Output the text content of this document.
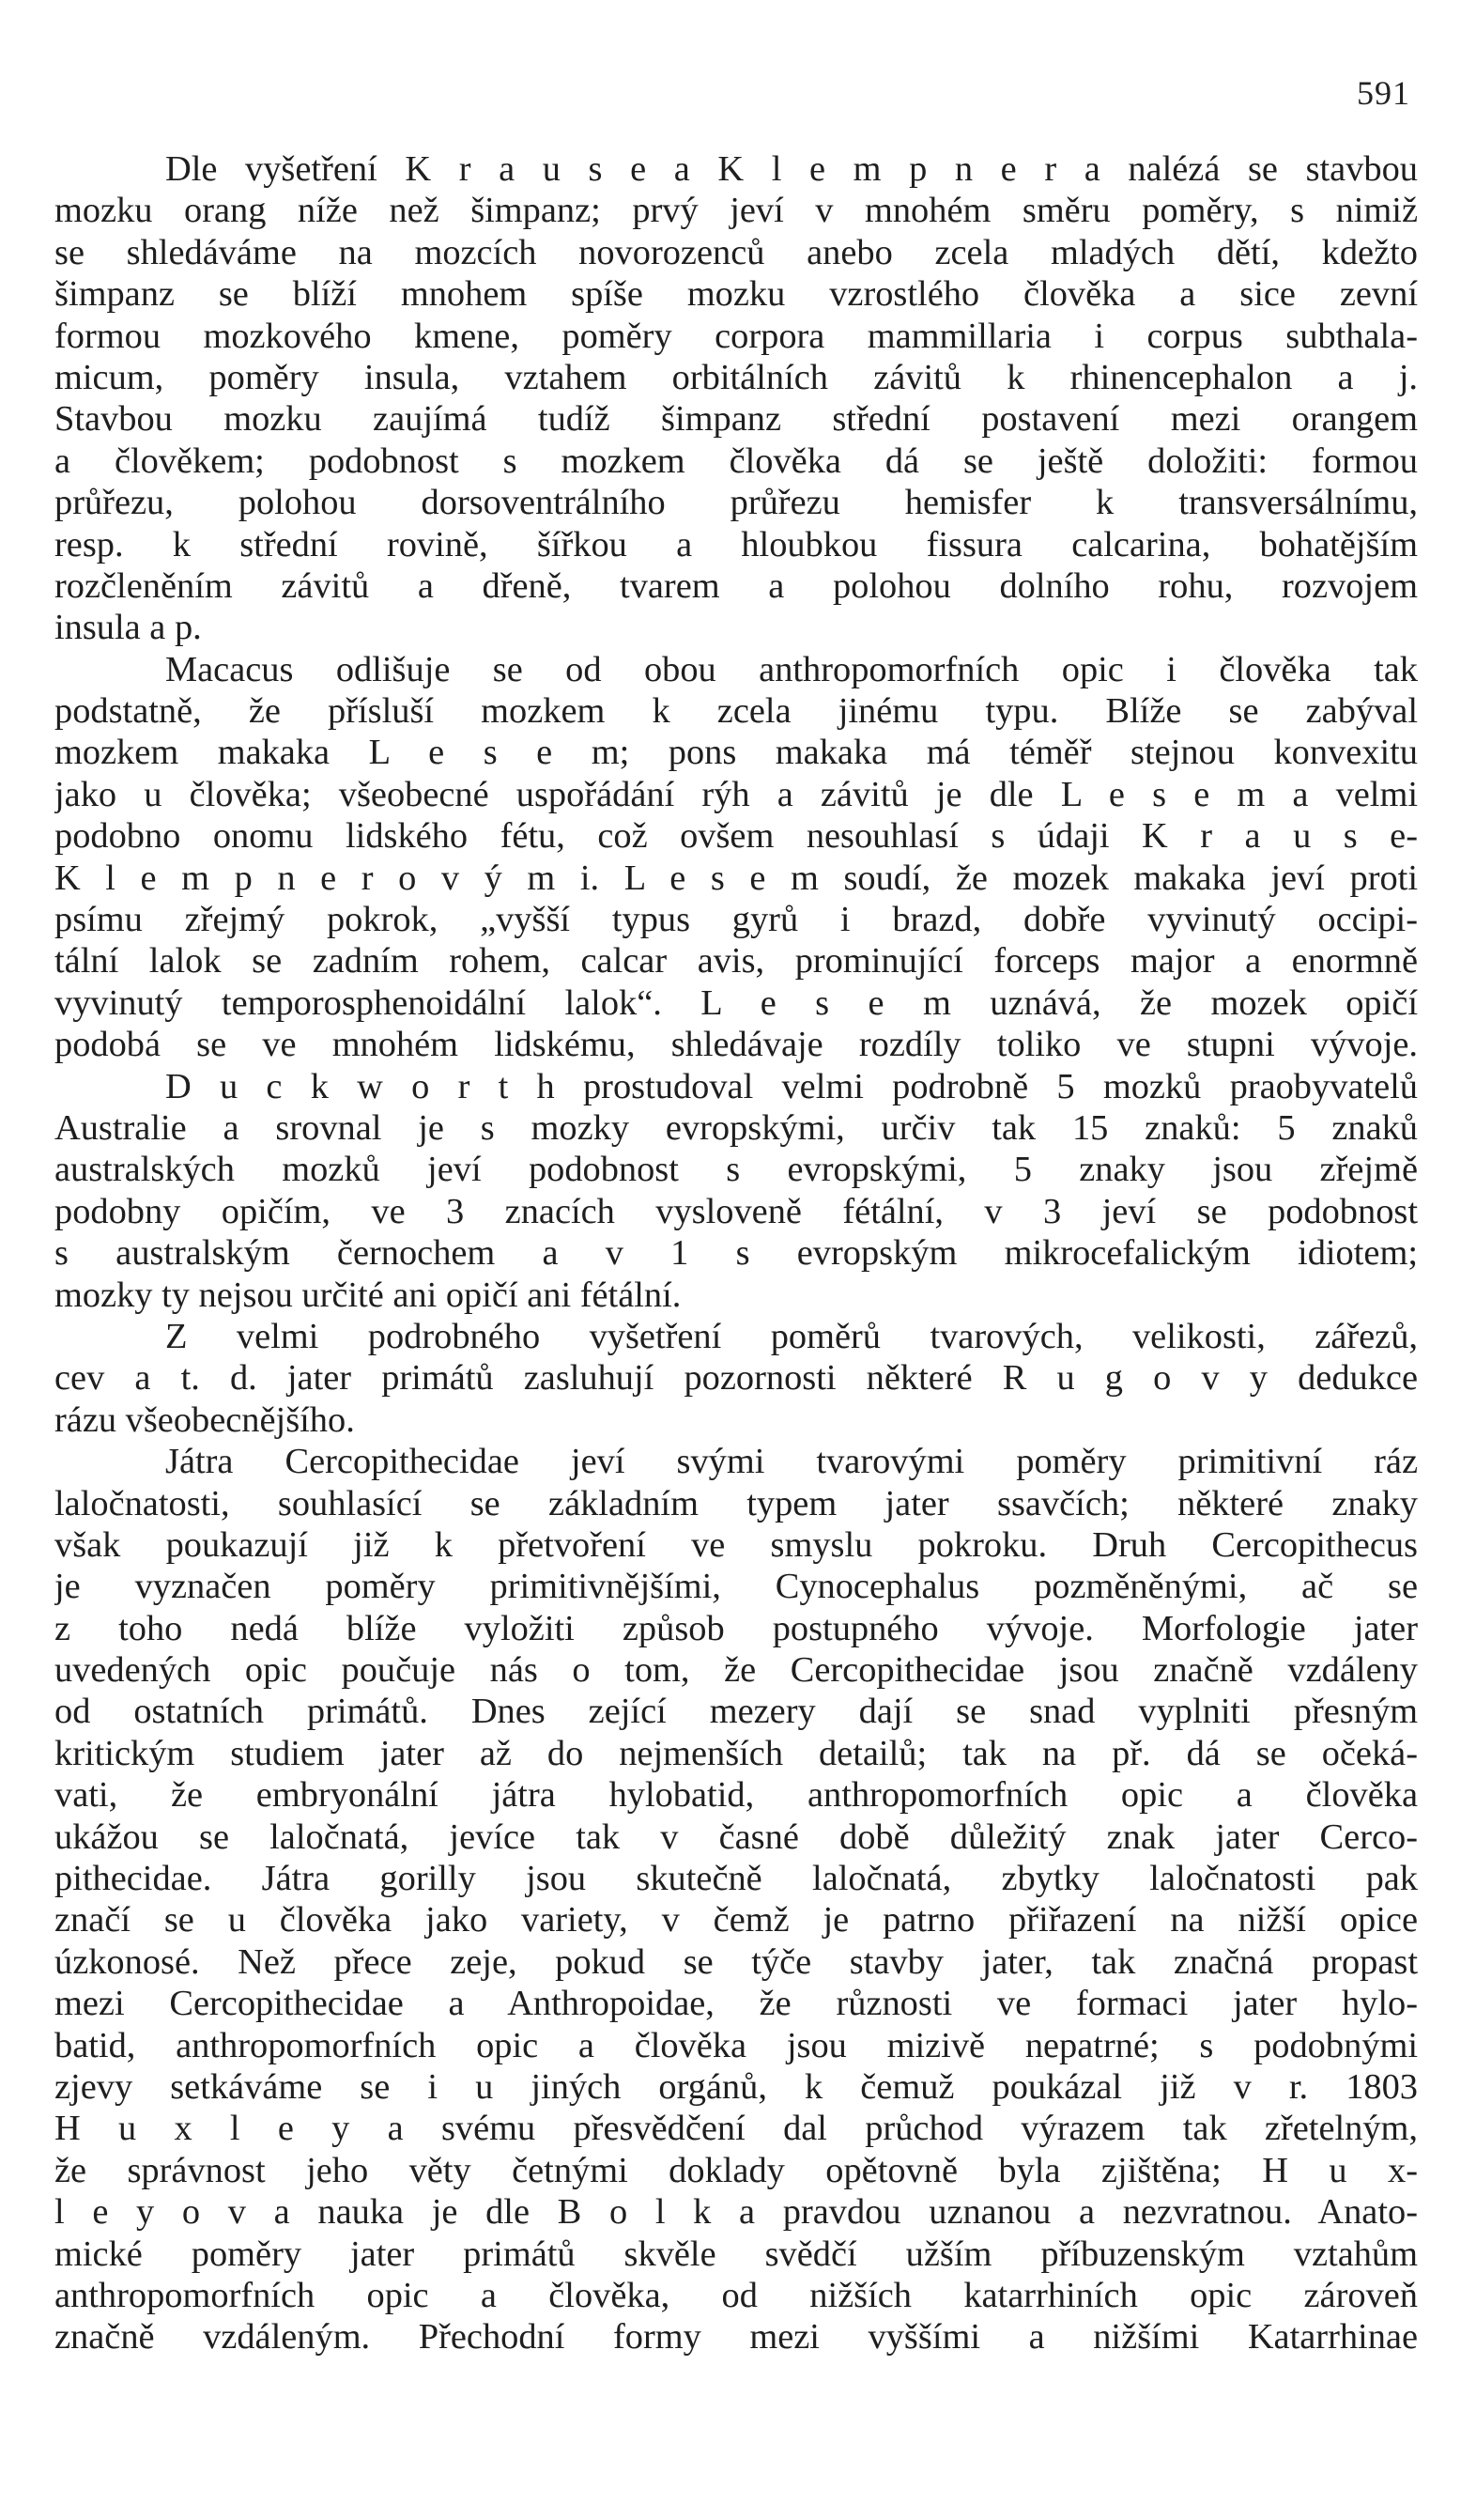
591
Dle vyšetření K r a u s e a K l e m p n e r a nalézá se stavbou
mozku orang níže než šimpanz; prvý jeví v mnohém směru poměry, s nimiž
se shledáváme na mozcích novorozenců anebo zcela mladých dětí, kdežto
šimpanz se blíží mnohem spíše mozku vzrostlého člověka a sice zevní
formou mozkového kmene, poměry corpora mammillaria i corpus subthala-
micum, poměry insula, vztahem orbitálních závitů k rhinencephalon a j.
Stavbou mozku zaujímá tudíž šimpanz střední postavení mezi orangem
a člověkem; podobnost s mozkem člověka dá se ještě doložiti: formou
průřezu, polohou dorsoventrálního průřezu hemisfer k transversálnímu,
resp. k střední rovině, šířkou a hloubkou fissura calcarina, bohatějším
rozčleněním závitů a dřeně, tvarem a polohou dolního rohu, rozvojem
insula a p.
Macacus odlišuje se od obou anthropomorfních opic i člověka tak
podstatně, že přísluší mozkem k zcela jinému typu. Blíže se zabýval
mozkem makaka L e s e m; pons makaka má téměř stejnou konvexitu
jako u člověka; všeobecné uspořádání rýh a závitů je dle L e s e m a velmi
podobno onomu lidského fétu, což ovšem nesouhlasí s údaji K r a u s e-
K l e m p n e r o v ý m i. L e s e m soudí, že mozek makaka jeví proti
psímu zřejmý pokrok, „vyšší typus gyrů i brazd, dobře vyvinutý occipi-
tální lalok se zadním rohem, calcar avis, prominující forceps major a enormně
vyvinutý temporosphenoidální lalok“. L e s e m uznává, že mozek opičí
podobá se ve mnohém lidskému, shledávaje rozdíly toliko ve stupni vývoje.
D u c k w o r t h prostudoval velmi podrobně 5 mozků praobyvatelů
Australie a srovnal je s mozky evropskými, určiv tak 15 znaků: 5 znaků
australských mozků jeví podobnost s evropskými, 5 znaky jsou zřejmě
podobny opičím, ve 3 znacích vysloveně fétální, v 3 jeví se podobnost
s australským černochem a v 1 s evropským mikrocefalickým idiotem;
mozky ty nejsou určité ani opičí ani fétální.
Z velmi podrobného vyšetření poměrů tvarových, velikosti, zářezů,
cev a t. d. jater primátů zasluhují pozornosti některé R u g o v y dedukce
rázu všeobecnějšího.
Játra Cercopithecidae jeví svými tvarovými poměry primitivní ráz
laločnatosti, souhlasící se základním typem jater ssavčích; některé znaky
však poukazují již k přetvoření ve smyslu pokroku. Druh Cercopithecus
je vyznačen poměry primitivnějšími, Cynocephalus pozměněnými, ač se
z toho nedá blíže vyložiti způsob postupného vývoje. Morfologie jater
uvedených opic poučuje nás o tom, že Cercopithecidae jsou značně vzdáleny
od ostatních primátů. Dnes zející mezery dají se snad vyplniti přesným
kritickým studiem jater až do nejmenších detailů; tak na př. dá se očeká-
vati, že embryonální játra hylobatid, anthropomorfních opic a člověka
ukážou se laločnatá, jevíce tak v časné době důležitý znak jater Cerco-
pithecidae. Játra gorilly jsou skutečně laločnatá, zbytky laločnatosti pak
značí se u člověka jako variety, v čemž je patrno přiřazení na nižší opice
úzkonosé. Než přece zeje, pokud se týče stavby jater, tak značná propast
mezi Cercopithecidae a Anthropoidae, že různosti ve formaci jater hylo-
batid, anthropomorfních opic a člověka jsou mizivě nepatrné; s podobnými
zjevy setkáváme se i u jiných orgánů, k čemuž poukázal již v r. 1803
H u x l e y a svému přesvědčení dal průchod výrazem tak zřetelným,
že správnost jeho věty četnými doklady opětovně byla zjištěna; H u x-
l e y o v a nauka je dle B o l k a pravdou uznanou a nezvratnou. Anato-
mické poměry jater primátů skvěle svědčí užším příbuzenským vztahům
anthropomorfních opic a člověka, od nižších katarrhiních opic zároveň
značně vzdáleným. Přechodní formy mezi vyššími a nižšími Katarrhinae
